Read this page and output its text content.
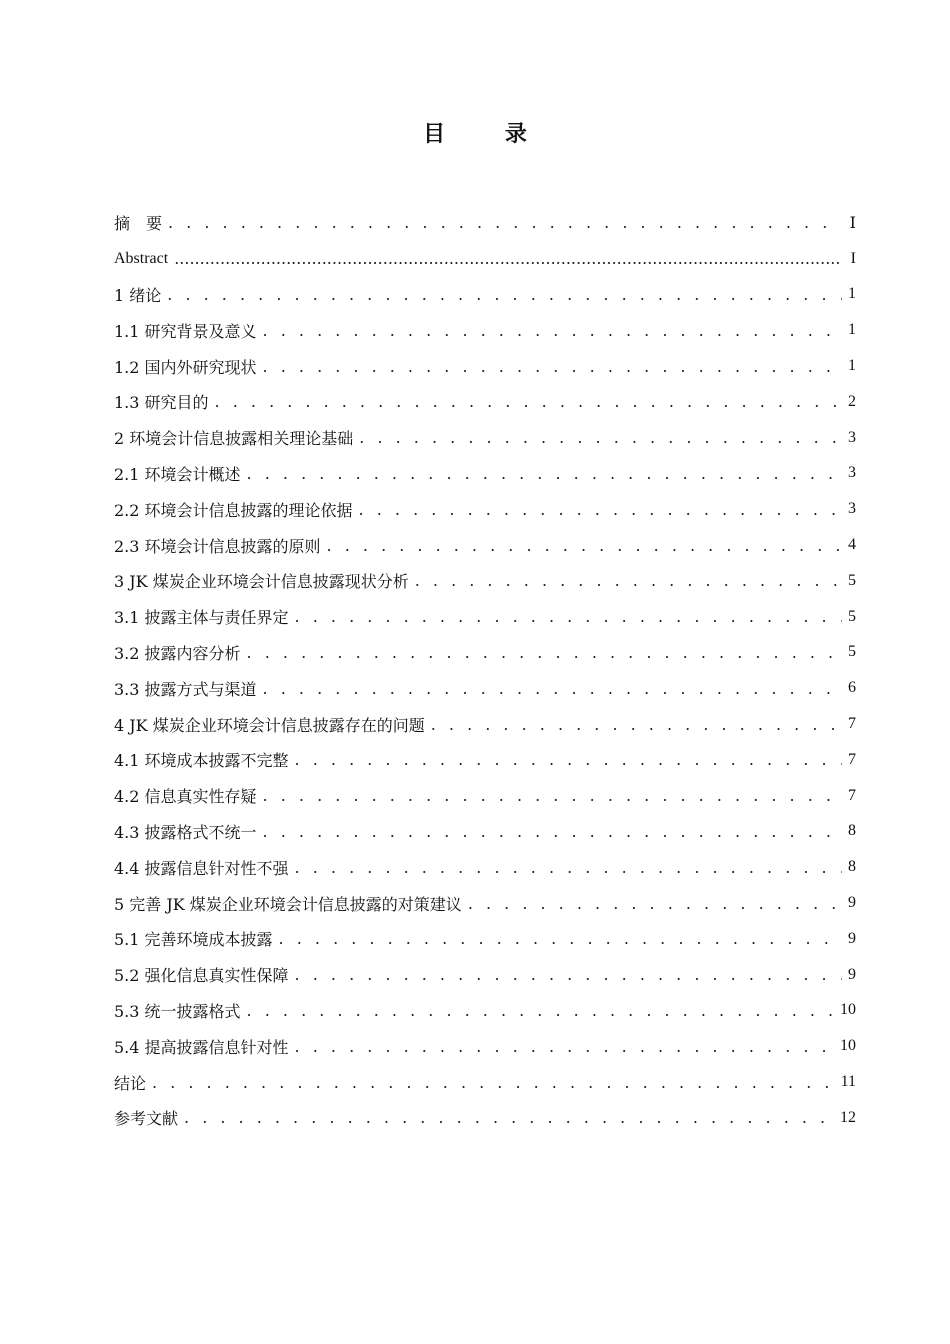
目 录
摘　要 . . .	Ⅰ
Abstract .....	I
1 绪论 . . .	1
1.1 研究背景及意义 . . .	1
1.2 国内外研究现状 . . .	1
1.3 研究目的 . . .	2
2 环境会计信息披露相关理论基础 . . .	3
2.1 环境会计概述 . . .	3
2.2 环境会计信息披露的理论依据 . . .	3
2.3 环境会计信息披露的原则 . . .	4
3 JK 煤炭企业环境会计信息披露现状分析 . . .	5
3.1 披露主体与责任界定 . . .	5
3.2 披露内容分析 . . .	5
3.3 披露方式与渠道 . . .	6
4 JK 煤炭企业环境会计信息披露存在的问题 . . .	7
4.1 环境成本披露不完整 . . .	7
4.2 信息真实性存疑 . . .	7
4.3 披露格式不统一 . . .	8
4.4 披露信息针对性不强 . . .	8
5 完善 JK 煤炭企业环境会计信息披露的对策建议 . . .	9
5.1 完善环境成本披露 . . .	9
5.2 强化信息真实性保障 . . .	9
5.3 统一披露格式 . . .	10
5.4 提高披露信息针对性 . . .	10
结论 . . .	11
参考文献 . . .	12
